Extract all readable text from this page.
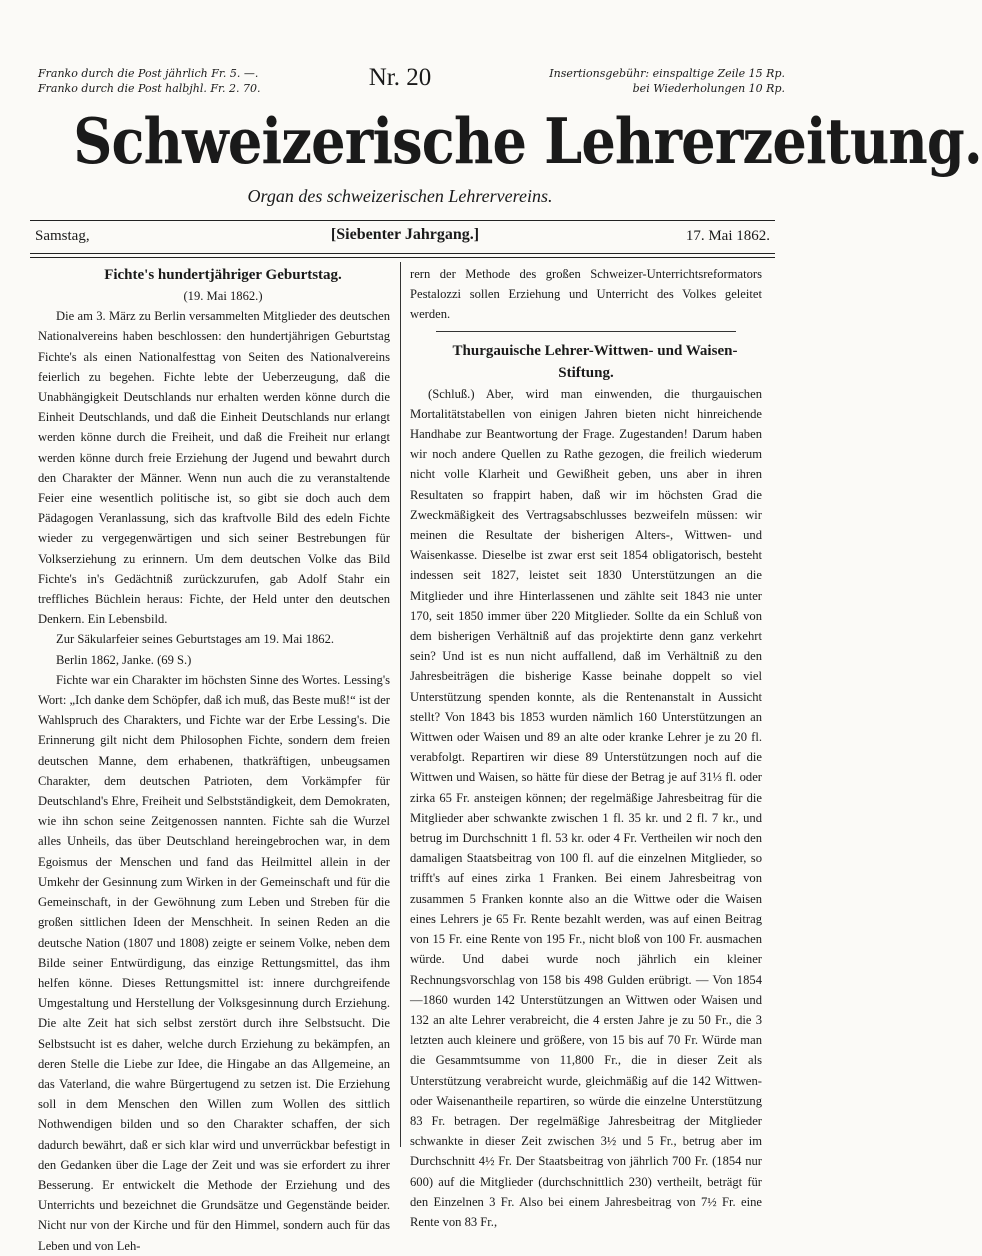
Franko durch die Post jährlich Fr. 5. —.
Franko durch die Post halbjhl. Fr. 2. 70.	Nr. 20	Insertionsgebühr: einspaltige Zeile 15 Rp.
bei Wiederholungen 10 Rp.
Schweizerische Lehrerzeitung.
Organ des schweizerischen Lehrervereins.
Samstag,	[Siebenter Jahrgang.]	17. Mai 1862.

Fichte's hundertjähriger Geburtstag.

(19. Mai 1862.)

Die am 3. März zu Berlin versammelten Mitglieder des deutschen Nationalvereins haben beschlossen: den hundertjährigen Geburtstag Fichte's als einen Nationalfesttag von Seiten des Nationalvereins feierlich zu begehen. Fichte lebte der Ueberzeugung, daß die Unabhängigkeit Deutschlands nur erhalten werden könne durch die Einheit Deutschlands, und daß die Einheit Deutschlands nur erlangt werden könne durch die Freiheit, und daß die Freiheit nur erlangt werden könne durch freie Erziehung der Jugend und bewahrt durch den Charakter der Männer. Wenn nun auch die zu veranstaltende Feier eine wesentlich politische ist, so gibt sie doch auch dem Pädagogen Veranlassung, sich das kraftvolle Bild des edeln Fichte wieder zu vergegenwärtigen und sich seiner Bestrebungen für Volkserziehung zu erinnern. Um dem deutschen Volke das Bild Fichte's in's Gedächtniß zurückzurufen, gab Adolf Stahr ein treffliches Büchlein heraus: Fichte, der Held unter den deutschen Denkern. Ein Lebensbild.

Zur Säkularfeier seines Geburtstages am 19. Mai 1862.

Berlin 1862, Janke. (69 S.)

Fichte war ein Charakter im höchsten Sinne des Wortes. Lessing's Wort: „Ich danke dem Schöpfer, daß ich muß, das Beste muß!“ ist der Wahlspruch des Charakters, und Fichte war der Erbe Lessing's. Die Erinnerung gilt nicht dem Philosophen Fichte, sondern dem freien deutschen Manne, dem erhabenen, thatkräftigen, unbeugsamen Charakter, dem deutschen Patrioten, dem Vorkämpfer für Deutschland's Ehre, Freiheit und Selbstständigkeit, dem Demokraten, wie ihn schon seine Zeitgenossen nannten. Fichte sah die Wurzel alles Unheils, das über Deutschland hereingebrochen war, in dem Egoismus der Menschen und fand das Heilmittel allein in der Umkehr der Gesinnung zum Wirken in der Gemeinschaft und für die Gemeinschaft, in der Gewöhnung zum Leben und Streben für die großen sittlichen Ideen der Menschheit. In seinen Reden an die deutsche Nation (1807 und 1808) zeigte er seinem Volke, neben dem Bilde seiner Entwürdigung, das einzige Rettungsmittel, das ihm helfen könne. Dieses Rettungsmittel ist: innere durchgreifende Umgestaltung und Herstellung der Volksgesinnung durch Erziehung. Die alte Zeit hat sich selbst zerstört durch ihre Selbstsucht. Die Selbstsucht ist es daher, welche durch Erziehung zu bekämpfen, an deren Stelle die Liebe zur Idee, die Hingabe an das Allgemeine, an das Vaterland, die wahre Bürgertugend zu setzen ist. Die Erziehung soll in dem Menschen den Willen zum Wollen des sittlich Nothwendigen bilden und so den Charakter schaffen, der sich dadurch bewährt, daß er sich klar wird und unverrückbar befestigt in den Gedanken über die Lage der Zeit und was sie erfordert zu ihrer Besserung. Er entwickelt die Methode der Erziehung und des Unterrichts und bezeichnet die Grundsätze und Gegenstände beider. Nicht nur von der Kirche und für den Himmel, sondern auch für das Leben und von Leh-

rern der Methode des großen Schweizer-Unterrichtsreformators Pestalozzi sollen Erziehung und Unterricht des Volkes geleitet werden.

Thurgauische Lehrer-Wittwen- und Waisen-Stiftung.

(Schluß.) Aber, wird man einwenden, die thurgauischen Mortalitätstabellen von einigen Jahren bieten nicht hinreichende Handhabe zur Beantwortung der Frage. Zugestanden! Darum haben wir noch andere Quellen zu Rathe gezogen, die freilich wiederum nicht volle Klarheit und Gewißheit geben, uns aber in ihren Resultaten so frappirt haben, daß wir im höchsten Grad die Zweckmäßigkeit des Vertragsabschlusses bezweifeln müssen: wir meinen die Resultate der bisherigen Alters-, Wittwen- und Waisenkasse. Dieselbe ist zwar erst seit 1854 obligatorisch, besteht indessen seit 1827, leistet seit 1830 Unterstützungen an die Mitglieder und ihre Hinterlassenen und zählte seit 1843 nie unter 170, seit 1850 immer über 220 Mitglieder. Sollte da ein Schluß von dem bisherigen Verhältniß auf das projektirte denn ganz verkehrt sein? Und ist es nun nicht auffallend, daß im Verhältniß zu den Jahresbeiträgen die bisherige Kasse beinahe doppelt so viel Unterstützung spenden konnte, als die Rentenanstalt in Aussicht stellt? Von 1843 bis 1853 wurden nämlich 160 Unterstützungen an Wittwen oder Waisen und 89 an alte oder kranke Lehrer je zu 20 fl. verabfolgt. Repartiren wir diese 89 Unterstützungen noch auf die Wittwen und Waisen, so hätte für diese der Betrag je auf 31⅓ fl. oder zirka 65 Fr. ansteigen können; der regelmäßige Jahresbeitrag für die Mitglieder aber schwankte zwischen 1 fl. 35 kr. und 2 fl. 7 kr., und betrug im Durchschnitt 1 fl. 53 kr. oder 4 Fr. Vertheilen wir noch den damaligen Staatsbeitrag von 100 fl. auf die einzelnen Mitglieder, so trifft's auf eines zirka 1 Franken. Bei einem Jahresbeitrag von zusammen 5 Franken konnte also an die Wittwe oder die Waisen eines Lehrers je 65 Fr. Rente bezahlt werden, was auf einen Beitrag von 15 Fr. eine Rente von 195 Fr., nicht bloß von 100 Fr. ausmachen würde. Und dabei wurde noch jährlich ein kleiner Rechnungsvorschlag von 158 bis 498 Gulden erübrigt. — Von 1854—1860 wurden 142 Unterstützungen an Wittwen oder Waisen und 132 an alte Lehrer verabreicht, die 4 ersten Jahre je zu 50 Fr., die 3 letzten auch kleinere und größere, von 15 bis auf 70 Fr. Würde man die Gesammtsumme von 11,800 Fr., die in dieser Zeit als Unterstützung verabreicht wurde, gleichmäßig auf die 142 Wittwen- oder Waisenantheile repartiren, so würde die einzelne Unterstützung 83 Fr. betragen. Der regelmäßige Jahresbeitrag der Mitglieder schwankte in dieser Zeit zwischen 3½ und 5 Fr., betrug aber im Durchschnitt 4½ Fr. Der Staatsbeitrag von jährlich 700 Fr. (1854 nur 600) auf die Mitglieder (durchschnittlich 230) vertheilt, beträgt für den Einzelnen 3 Fr. Also bei einem Jahresbeitrag von 7½ Fr. eine Rente von 83 Fr.,
